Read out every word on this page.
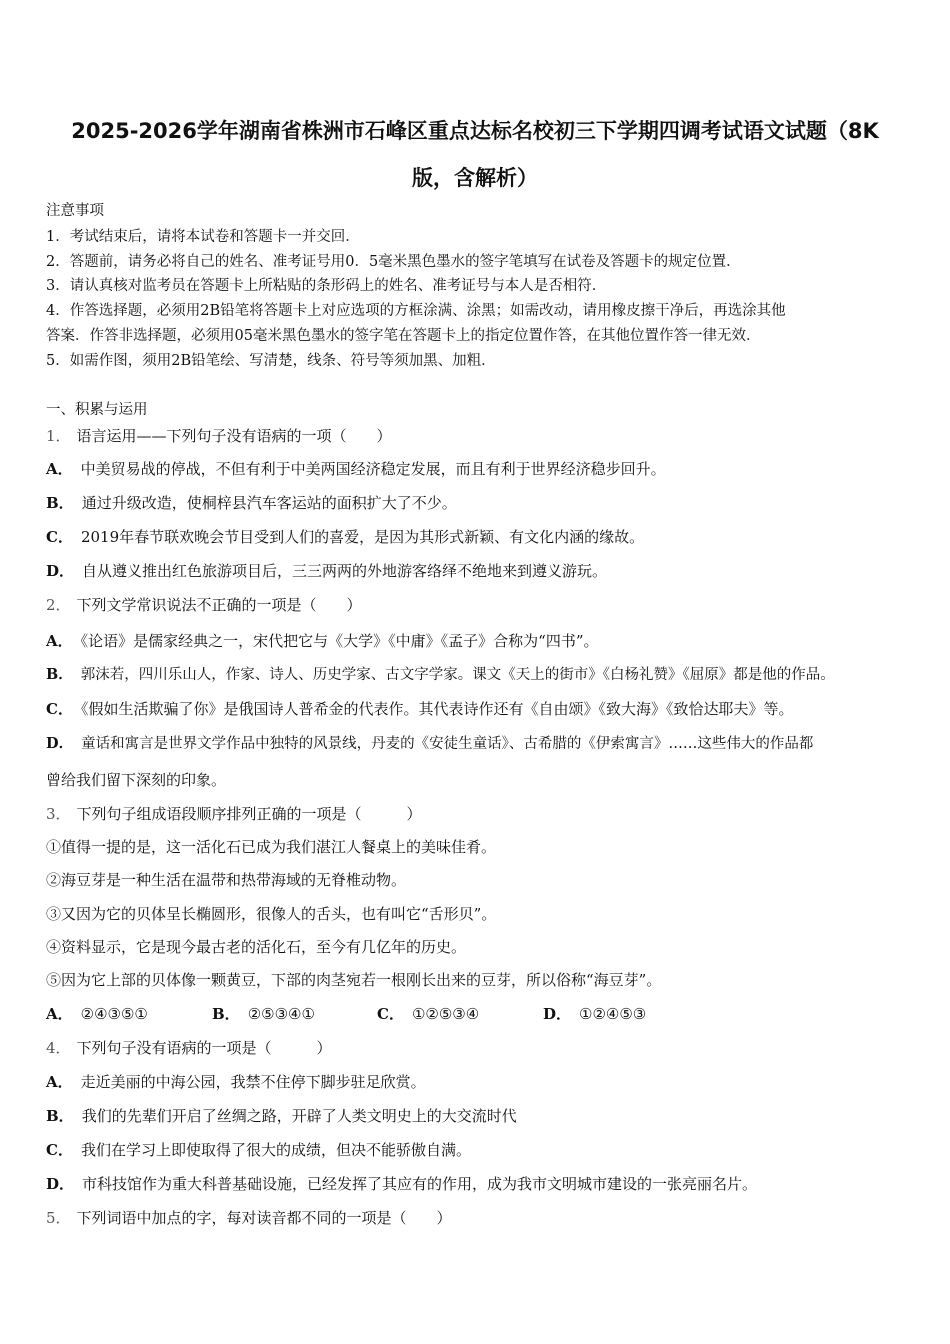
2025-2026学年湖南省株洲市石峰区重点达标名校初三下学期四调考试语文试题（8K
版，含解析）
注意事项
1．考试结束后，请将本试卷和答题卡一并交回．
2．答题前，请务必将自己的姓名、准考证号用0．5毫米黑色墨水的签字笔填写在试卷及答题卡的规定位置．
3．请认真核对监考员在答题卡上所粘贴的条形码上的姓名、准考证号与本人是否相符．
4．作答选择题，必须用2B铅笔将答题卡上对应选项的方框涂满、涂黑；如需改动，请用橡皮擦干净后，再选涂其他
答案．作答非选择题，必须用05毫米黑色墨水的签字笔在答题卡上的指定位置作答，在其他位置作答一律无效．
5．如需作图，须用2B铅笔绘、写清楚，线条、符号等须加黑、加粗．
一、积累与运用
1． 语言运用——下列句子没有语病的一项（　　）
A． 中美贸易战的停战，不但有利于中美两国经济稳定发展，而且有利于世界经济稳步回升。
B． 通过升级改造，使桐梓县汽车客运站的面积扩大了不少。
C． 2019年春节联欢晚会节目受到人们的喜爱，是因为其形式新颖、有文化内涵的缘故。
D． 自从遵义推出红色旅游项目后，三三两两的外地游客络绎不绝地来到遵义游玩。
2． 下列文学常识说法不正确的一项是（　　）
A． 《论语》是儒家经典之一，宋代把它与《大学》《中庸》《孟子》合称为“四书”。
B． 郭沫若，四川乐山人，作家、诗人、历史学家、古文字学家。课文《天上的街市》《白杨礼赞》《屈原》都是他的作品。
C． 《假如生活欺骗了你》是俄国诗人普希金的代表作。其代表诗作还有《自由颂》《致大海》《致恰达耶夫》等。
D． 童话和寓言是世界文学作品中独特的风景线，丹麦的《安徒生童话》、古希腊的《伊索寓言》……这些伟大的作品都
曾给我们留下深刻的印象。
3． 下列句子组成语段顺序排列正确的一项是（　　　）
①值得一提的是，这一活化石已成为我们湛江人餐桌上的美味佳肴。
②海豆芽是一种生活在温带和热带海域的无脊椎动物。
③又因为它的贝体呈长椭圆形，很像人的舌头，也有叫它“舌形贝”。
④资料显示，它是现今最古老的活化石，至今有几亿年的历史。
⑤因为它上部的贝体像一颗黄豆，下部的肉茎宛若一根刚长出来的豆芽，所以俗称“海豆芽”。
A． ②④③⑤①	B． ②⑤③④①	C． ①②⑤③④	D． ①②④⑤③
4． 下列句子没有语病的一项是（　　　）
A． 走近美丽的中海公园，我禁不住停下脚步驻足欣赏。
B． 我们的先辈们开启了丝绸之路，开辟了人类文明史上的大交流时代
C． 我们在学习上即使取得了很大的成绩，但决不能骄傲自满。
D． 市科技馆作为重大科普基础设施，已经发挥了其应有的作用，成为我市文明城市建设的一张亮丽名片。
5． 下列词语中加点的字，每对读音都不同的一项是（　　）
